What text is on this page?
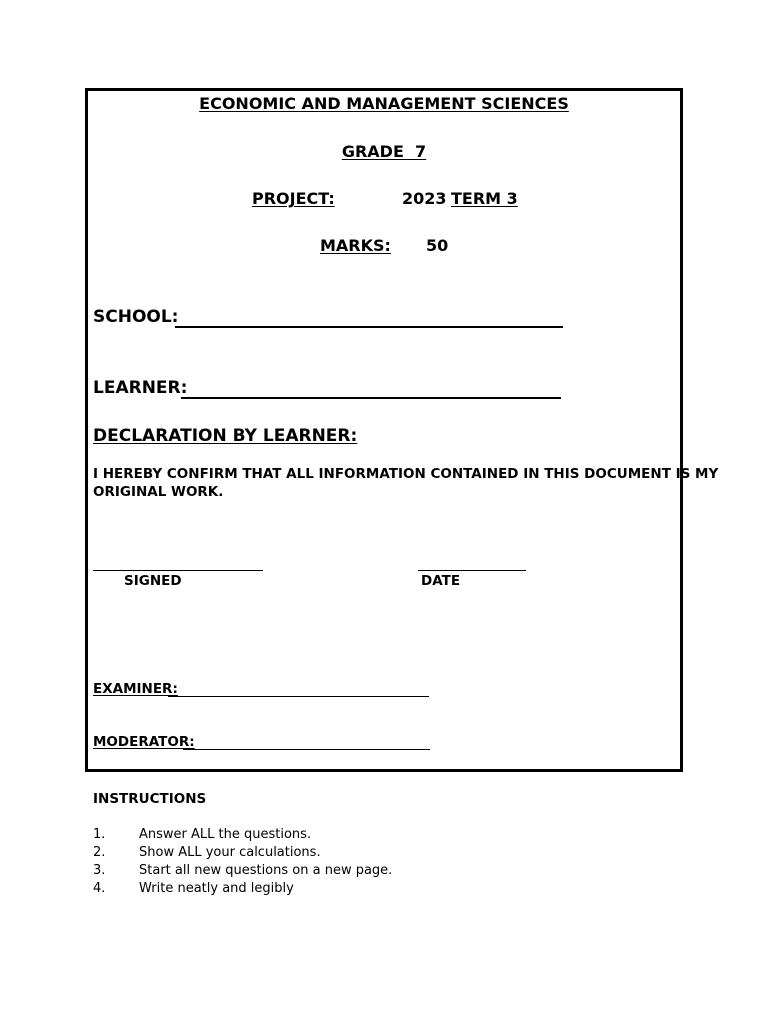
ECONOMIC AND MANAGEMENT SCIENCES
GRADE  7
PROJECT:	2023 TERM 3
MARKS: 50
SCHOOL:
LEARNER:
DECLARATION BY LEARNER:
I HEREBY CONFIRM THAT ALL INFORMATION CONTAINED IN THIS DOCUMENT IS MY
ORIGINAL WORK.
SIGNED	DATE
EXAMINER:
MODERATOR:
INSTRUCTIONS
1.	Answer ALL the questions.
2.	Show ALL your calculations.
3.	Start all new questions on a new page.
4.	Write neatly and legibly
